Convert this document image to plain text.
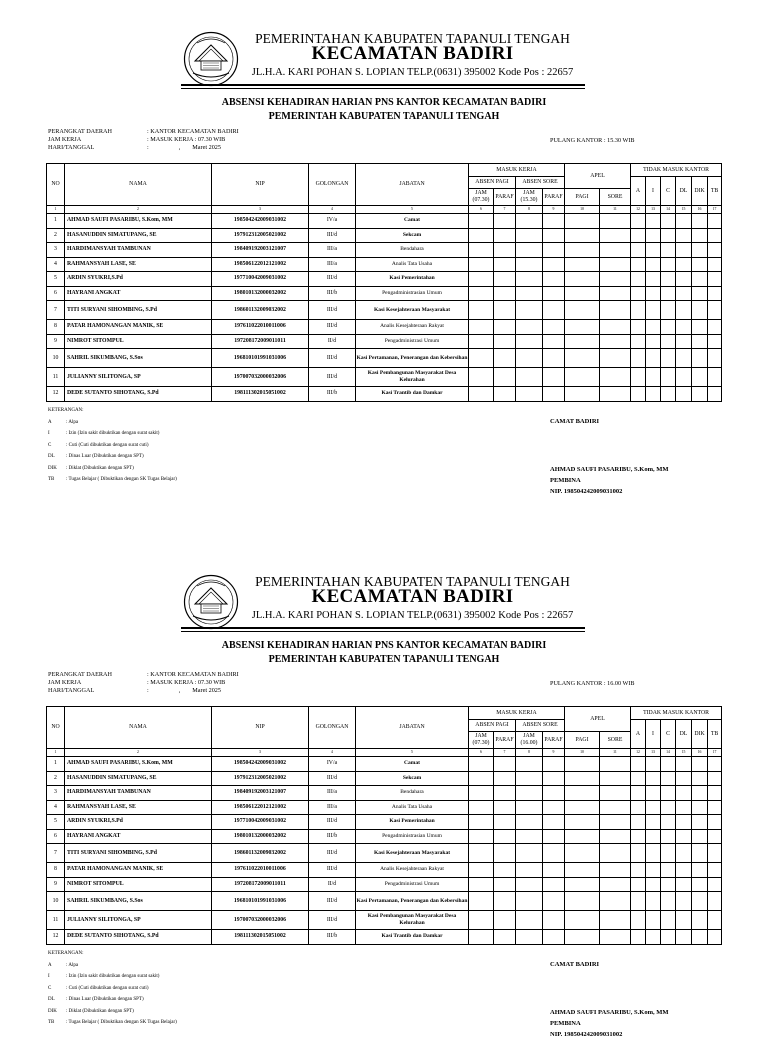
PEMERINTAHAN KABUPATEN TAPANULI TENGAH
KECAMATAN BADIRI
JL.H.A. KARI POHAN S. LOPIAN TELP.(0631) 395002 Kode Pos : 22657
ABSENSI KEHADIRAN HARIAN PNS KANTOR KECAMATAN BADIRI
PEMERINTAH KABUPATEN TAPANULI TENGAH
PERANGKAT DAERAH
JAM KERJA
HARI/TANGGAL
: KANTOR KECAMATAN BADIRI
: MASUK KERJA : 07.30 WIB
:	, Maret 2025
PULANG KANTOR : 15.30 WIB
NO	NAMA	NIP	GOLONGAN	JABATAN	MASUK KERJA				APEL		TIDAK MASUK KANTOR					
					ABSEN PAGI		ABSEN SORE				A	I	C	DL	DIK	TB
					JAM (07.30)	PARAF	JAM (15.30)	PARAF	PAGI	SORE						
1	2	3	4	5	6	7	8	9	10	11	12	13	14	15	16	17
1	AHMAD SAUFI PASARIBU, S.Kom, MM	198504242009031002	IV/a	Camat												
2	HASANUDDIN SIMATUPANG, SE	197912312005021002	III/d	Sekcam												
3	HARDIMANSYAH TAMBUNAN	198409192003121007	III/a	Bendahara												
4	RAHMANSYAH LASE, SE	198506122012121002	III/a	Analis Tata Usaha												
5	ARDIN SYUKRI,S.Pd	197710042009031002	III/d	Kasi Pemerintahan												
6	HAYRANI ANGKAT	198010132000032002	III/b	Pengadministrasian Umum												
7	TITI SURYANI SIHOMBING, S.Pd	198601132009032002	III/d	Kasi Kesejahteraan Masyarakat												
8	PATAR HAMONANGAN MANIK, SE	197611022010011006	III/d	Analis Kesejahteraan Rakyat												
9	NIMROT SITOMPUL	197208172009011011	II/d	Pengadministrasi Umum												
10	SAHRIL SIKUMBANG, S.Sos	196810101991031006	III/d	Kasi Pertamanan, Penerangan dan Kebersihan												
11	JULIANNY SILITONGA, SP	197007032000032006	III/d	Kasi Pembangunan Masyarakat Desa Kelurahan												
12	DEDE SUTANTO SIHOTANG, S.Pd	198111302015051002	III/b	Kasi Trantib dan Damkar												
KETERANGAN:
A	: Alpa
I	: Izin (Izin sakit dibuktikan dengan surat sakit)
C	: Cuti (Cuti dibuktikan dengan surat cuti)
DL : Dinas Luar (Dibuktikan dengan SPT)
DIK : Diklat (Dibuktikan dengan SPT)
TB : Tugas Belajar ( Dibuktikan dengan SK Tugas Belajar)
CAMAT BADIRI
AHMAD SAUFI PASARIBU, S.Kom, MM
PEMBINA
NIP. 198504242009031002
PEMERINTAHAN KABUPATEN TAPANULI TENGAH
KECAMATAN BADIRI
JL.H.A. KARI POHAN S. LOPIAN TELP.(0631) 395002 Kode Pos : 22657
ABSENSI KEHADIRAN HARIAN PNS KANTOR KECAMATAN BADIRI
PEMERINTAH KABUPATEN TAPANULI TENGAH
PERANGKAT DAERAH
JAM KERJA
HARI/TANGGAL
: KANTOR KECAMATAN BADIRI
: MASUK KERJA : 07.30 WIB
:	, Maret 2025
PULANG KANTOR : 16.00 WIB
NO	NAMA	NIP	GOLONGAN	JABATAN	MASUK KERJA				APEL		TIDAK MASUK KANTOR					
					ABSEN PAGI		ABSEN SORE				A	I	C	DL	DIK	TB
					JAM (07.30)	PARAF	JAM (16.00)	PARAF	PAGI	SORE						
1	2	3	4	5	6	7	8	9	10	11	12	13	14	15	16	17
1	AHMAD SAUFI PASARIBU, S.Kom, MM	198504242009031002	IV/a	Camat												
2	HASANUDDIN SIMATUPANG, SE	197912312005021002	III/d	Sekcam												
3	HARDIMANSYAH TAMBUNAN	198409192003121007	III/a	Bendahara												
4	RAHMANSYAH LASE, SE	198506122012121002	III/a	Analis Tata Usaha												
5	ARDIN SYUKRI,S.Pd	197710042009031002	III/d	Kasi Pemerintahan												
6	HAYRANI ANGKAT	198010132000032002	III/b	Pengadministrasian Umum												
7	TITI SURYANI SIHOMBING, S.Pd	198601132009032002	III/d	Kasi Kesejahteraan Masyarakat												
8	PATAR HAMONANGAN MANIK, SE	197611022010011006	III/d	Analis Kesejahteraan Rakyat												
9	NIMROT SITOMPUL	197208172009011011	II/d	Pengadministrasi Umum												
10	SAHRIL SIKUMBANG, S.Sos	196810101991031006	III/d	Kasi Pertamanan, Penerangan dan Kebersihan												
11	JULIANNY SILITONGA, SP	197007032000032006	III/d	Kasi Pembangunan Masyarakat Desa Kelurahan												
12	DEDE SUTANTO SIHOTANG, S.Pd	198111302015051002	III/b	Kasi Trantib dan Damkar												
KETERANGAN:
A	: Alpa
I	: Izin (Izin sakit dibuktikan dengan surat sakit)
C	: Cuti (Cuti dibuktikan dengan surat cuti)
DL : Dinas Luar (Dibuktikan dengan SPT)
DIK : Diklat (Dibuktikan dengan SPT)
TB : Tugas Belajar ( Dibuktikan dengan SK Tugas Belajar)
CAMAT BADIRI
AHMAD SAUFI PASARIBU, S.Kom, MM
PEMBINA
NIP. 198504242009031002
